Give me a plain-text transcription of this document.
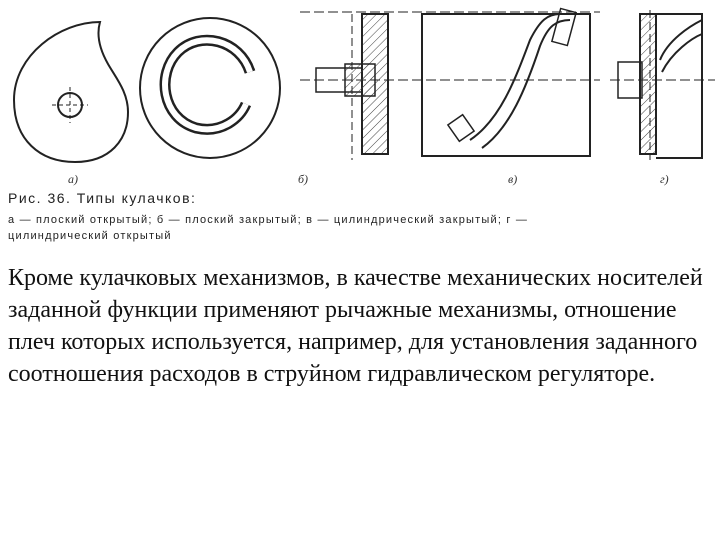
а)	б)	в)	г)
Рис. 36. Типы кулачков:
а — плоский открытый; б — плоский закрытый; в — цилиндрический закрытый; г —
цилиндрический открытый

Кроме кулачковых механизмов, в качестве механических носителей заданной функции применяют рычажные механизмы, отношение плеч которых используется, например, для установления заданного соотношения расходов в струйном гидравлическом регуляторе.
